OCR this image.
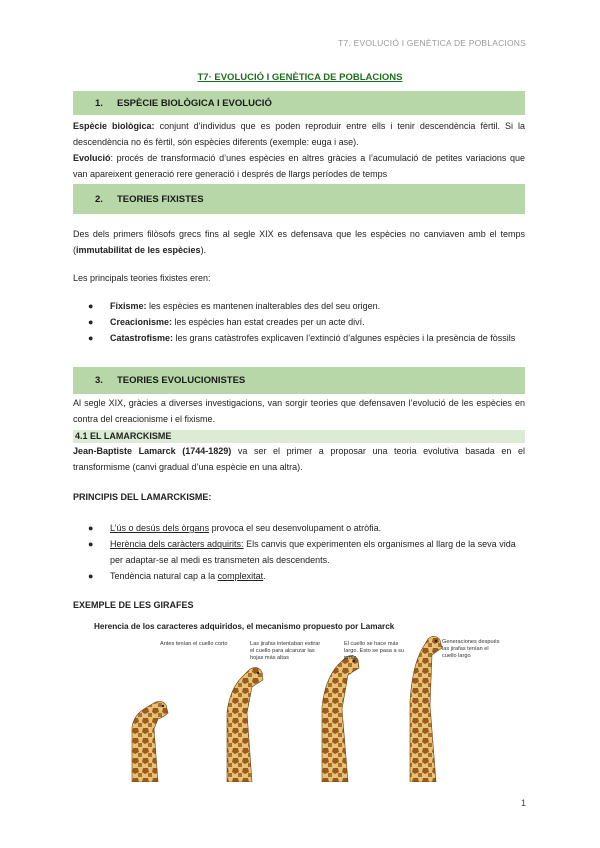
T7. EVOLUCIÓ I GENÈTICA DE POBLACIONS
T7· EVOLUCIÓ I GENÈTICA DE POBLACIONS
1.	ESPÈCIE BIOLÒGICA I EVOLUCIÓ

Espècie biològica: conjunt d’individus que es poden reproduir entre ells i tenir descendència fèrtil. Si la descendència no és fèrtil, són espècies diferents (exemple: euga i ase).

Evolució: procés de transformació d’unes espècies en altres gràcies a l’acumulació de petites variacions que van apareixent generació rere generació i després de llargs períodes de temps

2.	TEORIES FIXISTES

Des dels primers filòsofs grecs fins al segle XIX es defensava que les espècies no canviaven amb el temps (immutabilitat de les espècies).

Les principals teories fixistes eren:

● Fixisme: les espècies es mantenen inalterables des del seu origen.
● Creacionisme: les espècies han estat creades per un acte diví.
● Catastrofisme: les grans catàstrofes explicaven l’extinció d’algunes espècies i la presència de fòssils
3.	TEORIES EVOLUCIONISTES

Al segle XIX, gràcies a diverses investigacions, van sorgir teories que defensaven l’evolució de les espècies en contra del creacionisme i el fixisme.

4.1 EL LAMARCKISME

Jean-Baptiste Lamarck (1744-1829) va ser el primer a proposar una teoria evolutiva basada en el transformisme (canvi gradual d’una espècie en una altra).

PRINCIPIS DEL LAMARCKISME:

● L’ús o desús dels òrgans provoca el seu desenvolupament o atròfia.
● Herència dels caràcters adquirits: Els canvis que experimenten els organismes al llarg de la seva vida per adaptar-se al medi es transmeten als descendents.
● Tendència natural cap a la complexitat.

EXEMPLE DE LES GIRAFES

Herencia de los caracteres adquiridos, el mecanismo propuesto por Lamarck
Antes tenían el cuello corto	Las jirafas intentaban estirar el cuello para alcanzar las hojas más altas
El cuello se hace más largo. Esto se pasa a su prole
Generaciones después las jirafas tenían el cuello largo
1
